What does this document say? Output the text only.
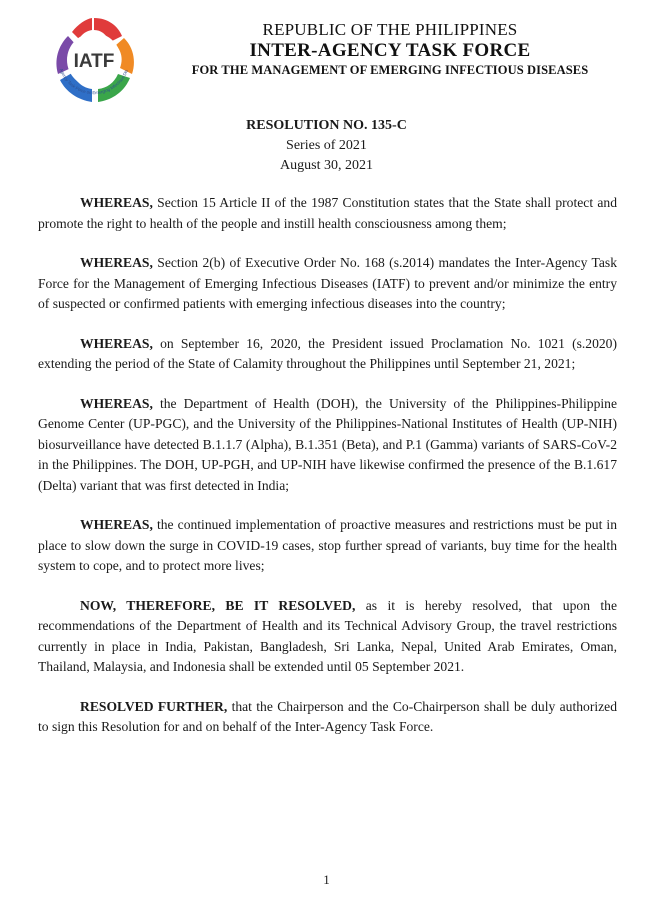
IATF
Agency Task Force on Emerging Infectious Dis
REPUBLIC OF THE PHILIPPINES
INTER-AGENCY TASK FORCE
FOR THE MANAGEMENT OF EMERGING INFECTIOUS DISEASES
RESOLUTION NO. 135-C
Series of 2021
August 30, 2021

WHEREAS, Section 15 Article II of the 1987 Constitution states that the State shall protect and promote the right to health of the people and instill health consciousness among them;

WHEREAS, Section 2(b) of Executive Order No. 168 (s.2014) mandates the Inter-Agency Task Force for the Management of Emerging Infectious Diseases (IATF) to prevent and/or minimize the entry of suspected or confirmed patients with emerging infectious diseases into the country;

WHEREAS, on September 16, 2020, the President issued Proclamation No. 1021 (s.2020) extending the period of the State of Calamity throughout the Philippines until September 21, 2021;

WHEREAS, the Department of Health (DOH), the University of the Philippines-Philippine Genome Center (UP-PGC), and the University of the Philippines-National Institutes of Health (UP-NIH) biosurveillance have detected B.1.1.7 (Alpha), B.1.351 (Beta), and P.1 (Gamma) variants of SARS-CoV-2 in the Philippines. The DOH, UP-PGH, and UP-NIH have likewise confirmed the presence of the B.1.617 (Delta) variant that was first detected in India;

WHEREAS, the continued implementation of proactive measures and restrictions must be put in place to slow down the surge in COVID-19 cases, stop further spread of variants, buy time for the health system to cope, and to protect more lives;

NOW, THEREFORE, BE IT RESOLVED, as it is hereby resolved, that upon the recommendations of the Department of Health and its Technical Advisory Group, the travel restrictions currently in place in India, Pakistan, Bangladesh, Sri Lanka, Nepal, United Arab Emirates, Oman, Thailand, Malaysia, and Indonesia shall be extended until 05 September 2021.

RESOLVED FURTHER, that the Chairperson and the Co-Chairperson shall be duly authorized to sign this Resolution for and on behalf of the Inter-Agency Task Force.

1
